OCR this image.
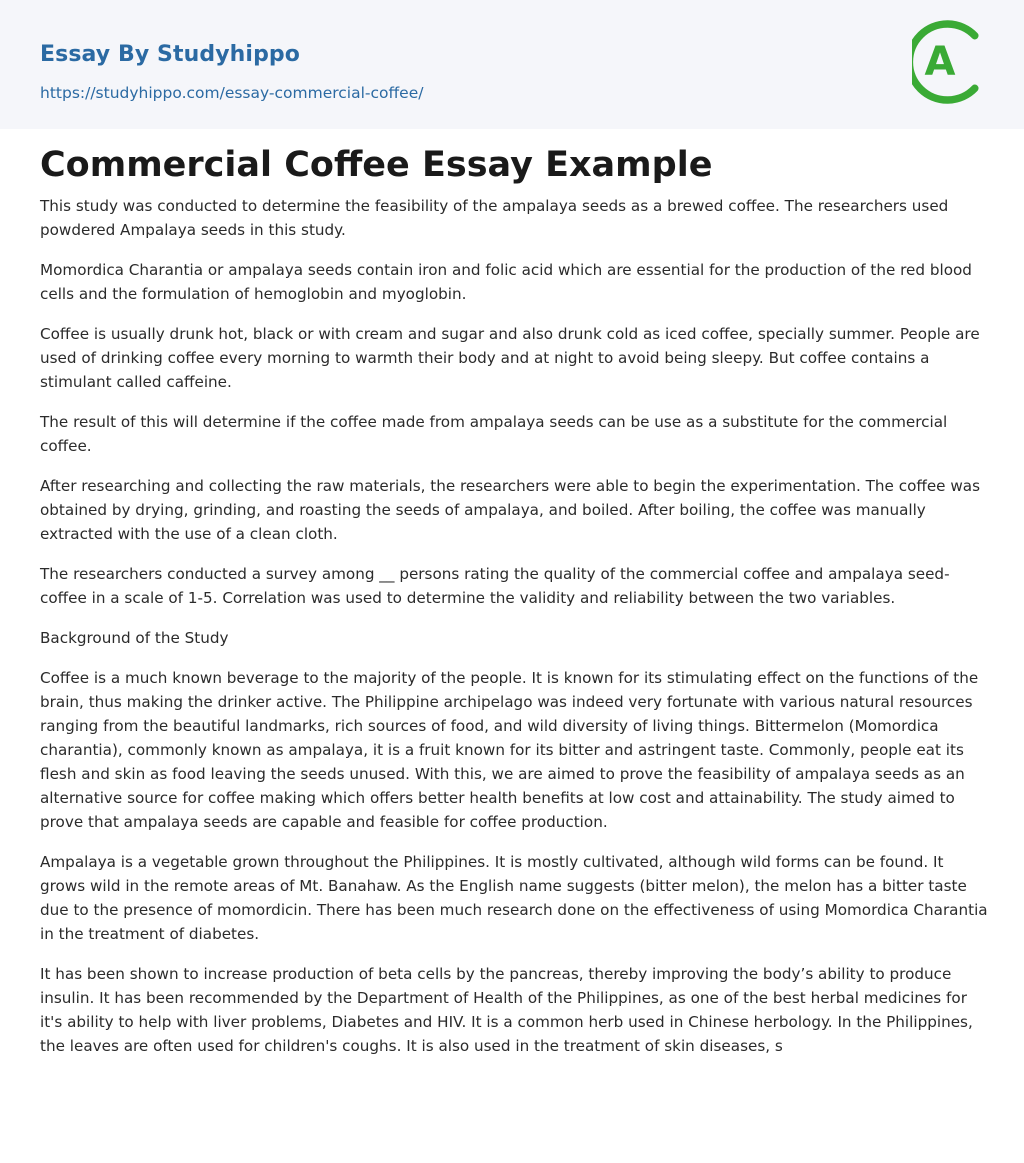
Essay By Studyhippo
https://studyhippo.com/essay-commercial-coffee/
A
Commercial Coffee Essay Example

This study was conducted to determine the feasibility of the ampalaya seeds as a brewed coffee. The researchers used powdered Ampalaya seeds in this study.

Momordica Charantia or ampalaya seeds contain iron and folic acid which are essential for the production of the red blood cells and the formulation of hemoglobin and myoglobin.

Coffee is usually drunk hot, black or with cream and sugar and also drunk cold as iced coffee, specially summer. People are used of drinking coffee every morning to warmth their body and at night to avoid being sleepy. But coffee contains a stimulant called caffeine.

The result of this will determine if the coffee made from ampalaya seeds can be use as a substitute for the commercial coffee.

After researching and collecting the raw materials, the researchers were able to begin the experimentation. The coffee was obtained by drying, grinding, and roasting the seeds of ampalaya, and boiled. After boiling, the coffee was manually extracted with the use of a clean cloth.

The researchers conducted a survey among __ persons rating the quality of the commercial coffee and ampalaya seed-coffee in a scale of 1-5. Correlation was used to determine the validity and reliability between the two variables.

Background of the Study

Coffee is a much known beverage to the majority of the people. It is known for its stimulating effect on the functions of the brain, thus making the drinker active. The Philippine archipelago was indeed very fortunate with various natural resources ranging from the beautiful landmarks, rich sources of food, and wild diversity of living things. Bittermelon (Momordica charantia), commonly known as ampalaya, it is a fruit known for its bitter and astringent taste. Commonly, people eat its flesh and skin as food leaving the seeds unused. With this, we are aimed to prove the feasibility of ampalaya seeds as an alternative source for coffee making which offers better health benefits at low cost and attainability. The study aimed to prove that ampalaya seeds are capable and feasible for coffee production.

Ampalaya is a vegetable grown throughout the Philippines. It is mostly cultivated, although wild forms can be found. It grows wild in the remote areas of Mt. Banahaw. As the English name suggests (bitter melon), the melon has a bitter taste due to the presence of momordicin. There has been much research done on the effectiveness of using Momordica Charantia in the treatment of diabetes.

It has been shown to increase production of beta cells by the pancreas, thereby improving the body’s ability to produce insulin. It has been recommended by the Department of Health of the Philippines, as one of the best herbal medicines for it's ability to help with liver problems, Diabetes and HIV. It is a common herb used in Chinese herbology. In the Philippines, the leaves are often used for children's coughs. It is also used in the treatment of skin diseases, s
